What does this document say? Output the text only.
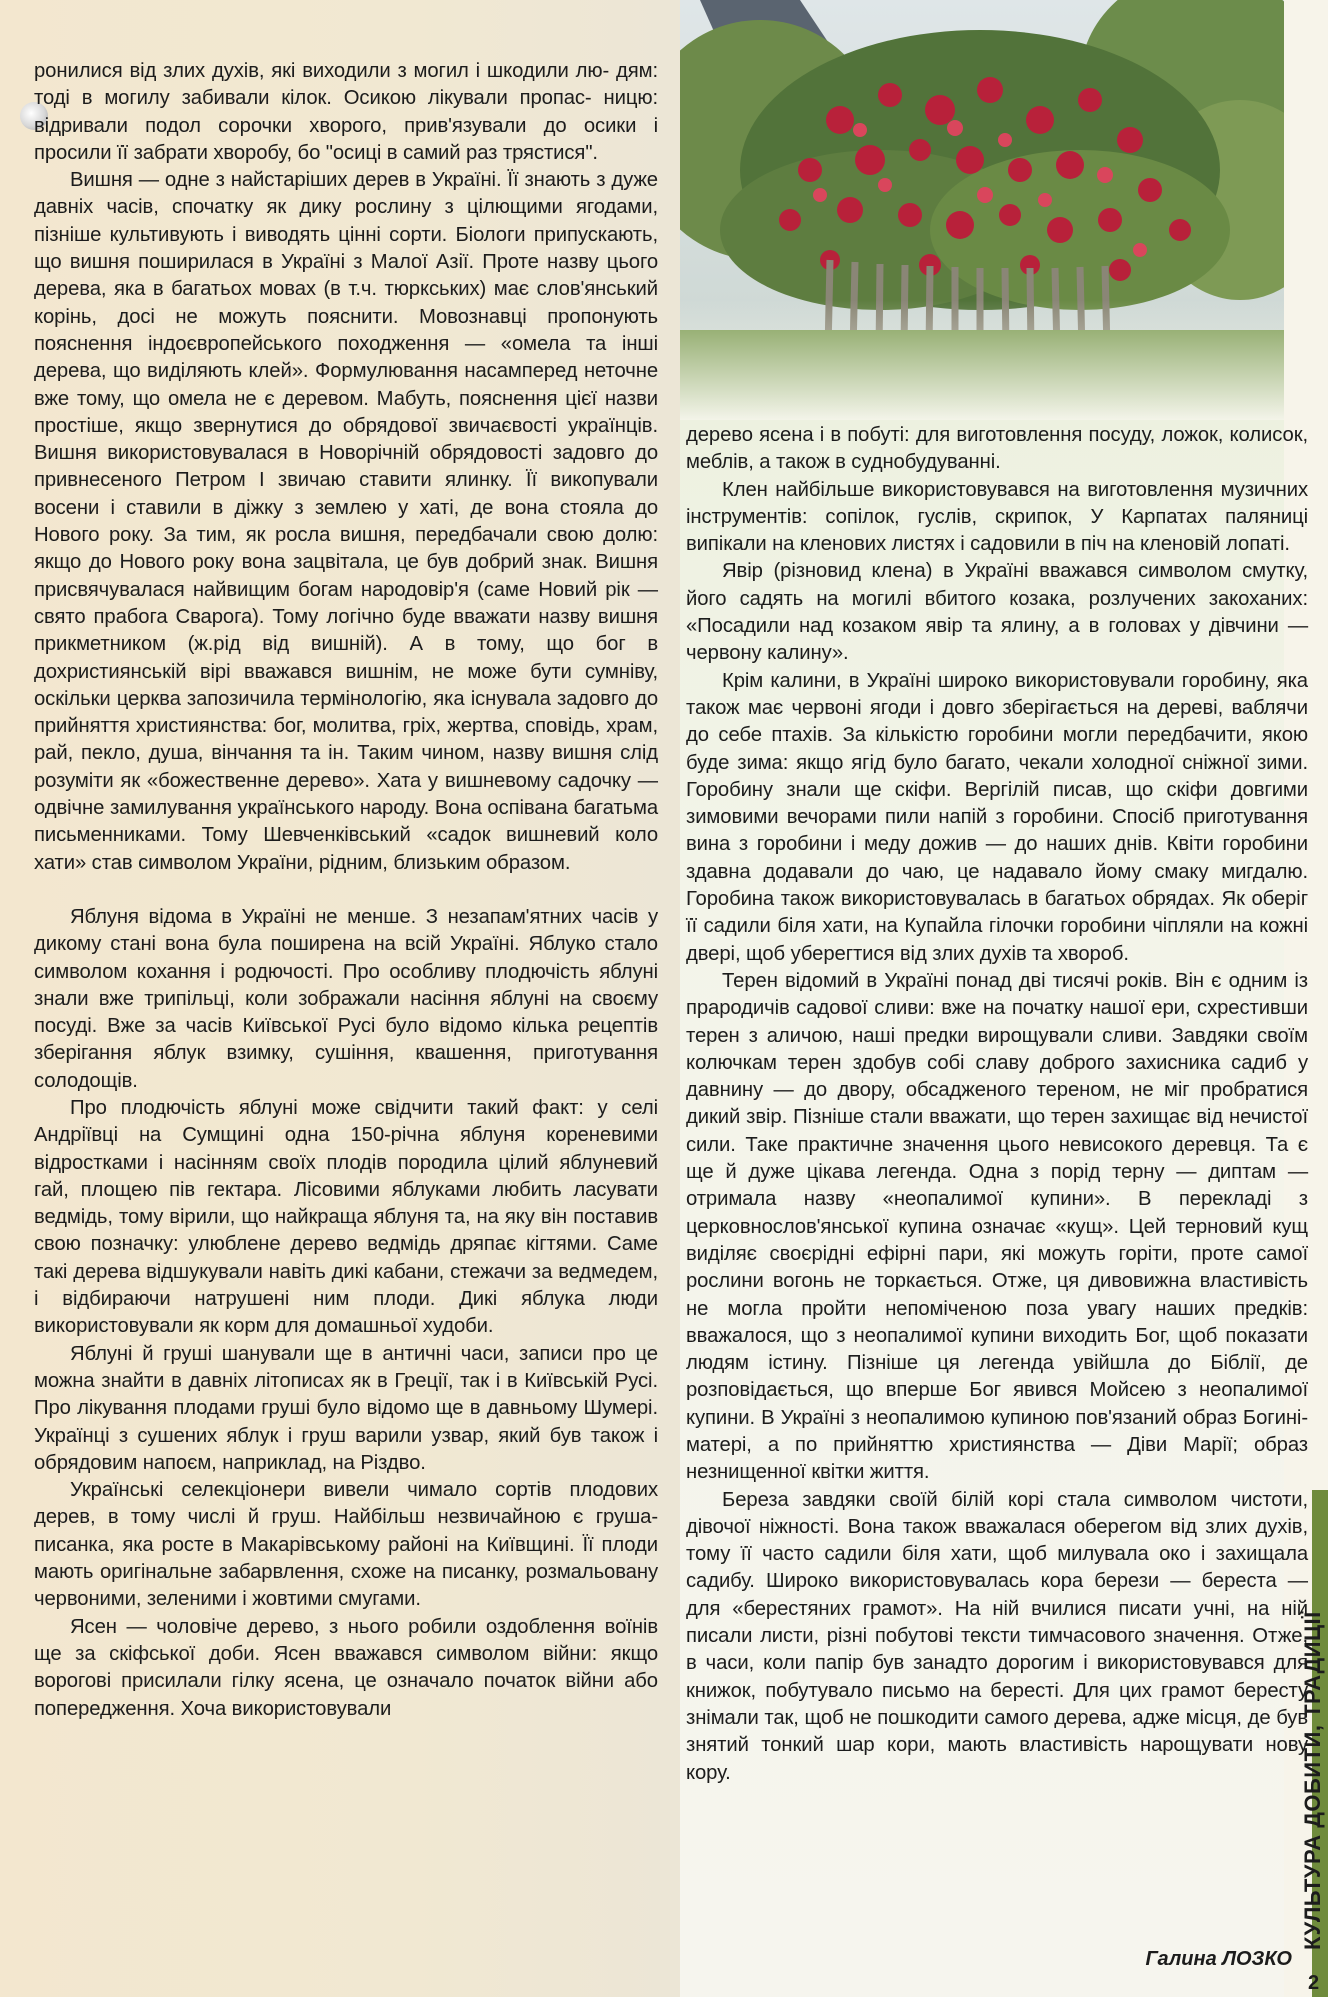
ронилися від злих духів, які виходили з могил і шкодили лю- дям: тоді в могилу забивали кілок. Осикою лікували пропас- ницю: відривали подол сорочки хворого, прив'язували до осики і просили її забрати хворобу, бо "осиці в самий раз трястися".

Вишня — одне з найстаріших дерев в Україні. Її знають з дуже давніх часів, спочатку як дику рослину з цілющими ягодами, пізніше культивують і виводять цінні сорти. Біологи припускають, що вишня поширилася в Україні з Малої Азії. Проте назву цього дерева, яка в багатьох мовах (в т.ч. тюркських) має слов'янський корінь, досі не можуть пояснити. Мовознавці пропонують пояснення індоєвропейського походження — «омела та інші дерева, що виділяють клей». Формулювання насамперед неточне вже тому, що омела не є деревом. Мабуть, пояснення цієї назви простіше, якщо звернутися до обрядової звичаєвості українців. Вишня використовувалася в Новорічній обрядовості задовго до привнесеного Петром І звичаю ставити ялинку. Її викопували восени і ставили в діжку з землею у хаті, де вона стояла до Нового року. За тим, як росла вишня, передбачали свою долю: якщо до Нового року вона зацвітала, це був добрий знак. Вишня присвячувалася найвищим богам народовір'я (саме Новий рік — свято прабога Сварога). Тому логічно буде вважати назву вишня прикметником (ж.рід від вишній). А в тому, що бог в дохристиянській вірі вважався вишнім, не може бути сумніву, оскільки церква запозичила термінологію, яка існувала задовго до прийняття християнства: бог, молитва, гріх, жертва, сповідь, храм, рай, пекло, душа, вінчання та ін. Таким чином, назву вишня слід розуміти як «божественне дерево». Хата у вишневому садочку — одвічне замилування українського народу. Вона оспівана багатьма письменниками. Тому Шевченківський «садок вишневий коло хати» став символом України, рідним, близьким образом.

Яблуня відома в Україні не менше. З незапам'ятних часів у дикому стані вона була поширена на всій Україні. Яблуко стало символом кохання і родючості. Про особливу плодючість яблуні знали вже трипільці, коли зображали насіння яблуні на своєму посуді. Вже за часів Київської Русі було відомо кілька рецептів зберігання яблук взимку, сушіння, квашення, приготування солодощів.

Про плодючість яблуні може свідчити такий факт: у селі Андріївці на Сумщині одна 150-річна яблуня кореневими відростками і насінням своїх плодів породила цілий яблуневий гай, площею пів гектара. Лісовими яблуками любить ласувати ведмідь, тому вірили, що найкраща яблуня та, на яку він поставив свою позначку: улюблене дерево ведмідь дряпає кігтями. Саме такі дерева відшукували навіть дикі кабани, стежачи за ведмедем, і відбираючи натрушені ним плоди. Дикі яблука люди використовували як корм для домашньої худоби.

Яблуні й груші шанували ще в античні часи, записи про це можна знайти в давніх літописах як в Греції, так і в Київській Русі. Про лікування плодами груші було відомо ще в давньому Шумері. Українці з сушених яблук і груш варили узвар, який був також і обрядовим напоєм, наприклад, на Різдво.

Українські селекціонери вивели чимало сортів плодових дерев, в тому числі й груш. Найбільш незвичайною є груша-писанка, яка росте в Макарівському районі на Київщині. Її плоди мають оригінальне забарвлення, схоже на писанку, розмальовану червоними, зеленими і жовтими смугами.

Ясен — чоловіче дерево, з нього робили оздоблення воїнів ще за скіфської доби. Ясен вважався символом війни: якщо ворогові присилали гілку ясена, це означало початок війни або попередження. Хоча використовували

дерево ясена і в побуті: для виготовлення посуду, ложок, колисок, меблів, а також в суднобудуванні.

Клен найбільше використовувався на виготовлення музичних інструментів: сопілок, гуслів, скрипок, У Карпатах паляниці випікали на кленових листях і садовили в піч на кленовій лопаті.

Явір (різновид клена) в Україні вважався символом смутку, його садять на могилі вбитого козака, розлучених закоханих: «Посадили над козаком явір та ялину, а в головах у дівчини — червону калину».

Крім калини, в Україні широко використовували горобину, яка також має червоні ягоди і довго зберігається на дереві, ваблячи до себе птахів. За кількістю горобини могли передбачити, якою буде зима: якщо ягід було багато, чекали холодної сніжної зими. Горобину знали ще скіфи. Вергілій писав, що скіфи довгими зимовими вечорами пили напій з горобини. Спосіб приготування вина з горобини і меду дожив — до наших днів. Квіти горобини здавна додавали до чаю, це надавало йому смаку мигдалю. Горобина також використовувалась в багатьох обрядах. Як оберіг її садили біля хати, на Купайла гілочки горобини чіпляли на кожні двері, щоб уберегтися від злих духів та хвороб.

Терен відомий в Україні понад дві тисячі років. Він є одним із прародичів садової сливи: вже на початку нашої ери, схрестивши терен з аличою, наші предки вирощували сливи. Завдяки своїм колючкам терен здобув собі славу доброго захисника садиб у давнину — до двору, обсадженого тереном, не міг пробратися дикий звір. Пізніше стали вважати, що терен захищає від нечистої сили. Таке практичне значення цього невисокого деревця. Та є ще й дуже цікава легенда. Одна з порід терну — диптам — отримала назву «неопалимої купини». В перекладі з церковнослов'янської купина означає «кущ». Цей терновий кущ виділяє своєрідні ефірні пари, які можуть горіти, проте самої рослини вогонь не торкається. Отже, ця дивовижна властивість не могла пройти непоміченою поза увагу наших предків: вважалося, що з неопалимої купини виходить Бог, щоб показати людям істину. Пізніше ця легенда увійшла до Біблії, де розповідається, що вперше Бог явився Мойсею з неопалимої купини. В Україні з неопалимою купиною пов'язаний образ Богині-матері, а по прийняттю християнства — Діви Марії; образ незнищенної квітки життя.

Береза завдяки своїй білій корі стала символом чистоти, дівочої ніжності. Вона також вважалася оберегом від злих духів, тому її часто садили біля хати, щоб милувала око і захищала садибу. Широко використовувалась кора берези — береста — для «берестяних грамот». На ній вчилися писати учні, на ній писали листи, різні побутові тексти тимчасового значення. Отже, в часи, коли папір був занадто дорогим і використовувався для книжок, побутувало письмо на бересті. Для цих грамот бересту знімали так, щоб не пошкодити самого дерева, адже місця, де був знятий тонкий шар кори, мають властивість нарощувати нову кору.

Галина ЛОЗКО
КУЛЬТУРА ДОБИТИ, ТРАДИЦІЇ
2
